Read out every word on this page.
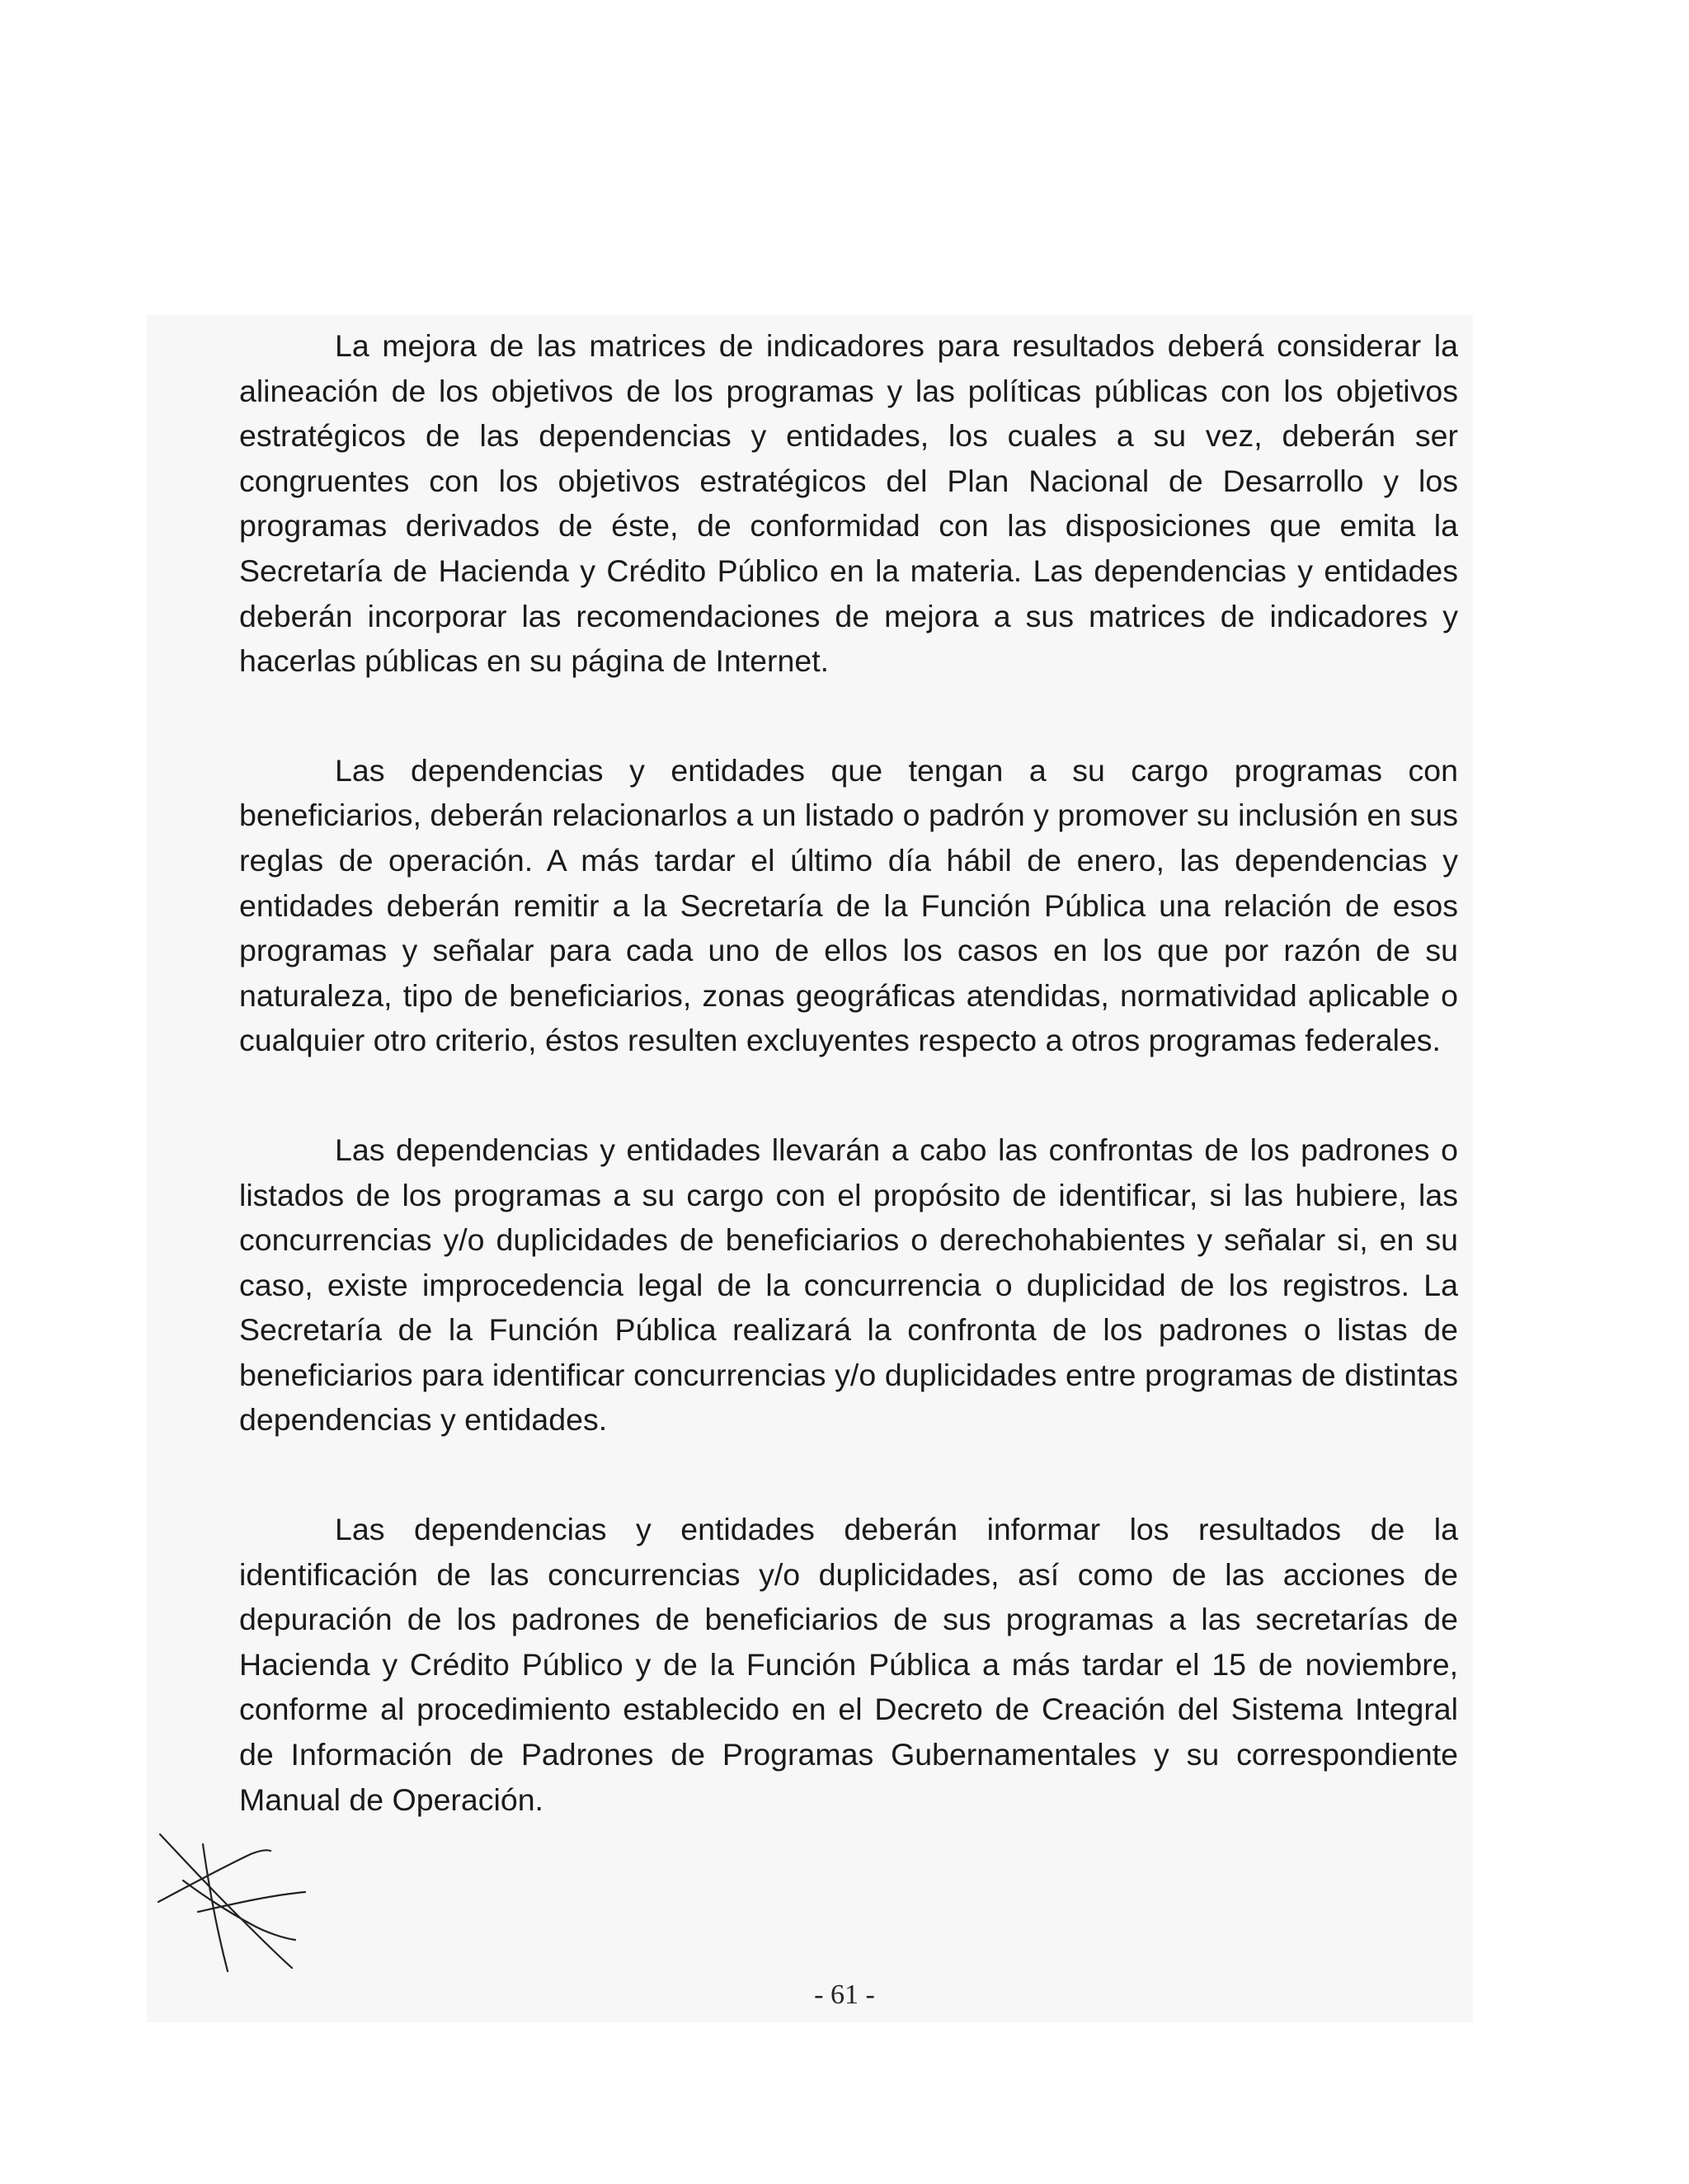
La mejora de las matrices de indicadores para resultados deberá considerar la alineación de los objetivos de los programas y las políticas públicas con los objetivos estratégicos de las dependencias y entidades, los cuales a su vez, deberán ser congruentes con los objetivos estratégicos del Plan Nacional de Desarrollo y los programas derivados de éste, de conformidad con las disposiciones que emita la Secretaría de Hacienda y Crédito Público en la materia. Las dependencias y entidades deberán incorporar las recomendaciones de mejora a sus matrices de indicadores y hacerlas públicas en su página de Internet.

Las dependencias y entidades que tengan a su cargo programas con beneficiarios, deberán relacionarlos a un listado o padrón y promover su inclusión en sus reglas de operación. A más tardar el último día hábil de enero, las dependencias y entidades deberán remitir a la Secretaría de la Función Pública una relación de esos programas y señalar para cada uno de ellos los casos en los que por razón de su naturaleza, tipo de beneficiarios, zonas geográficas atendidas, normatividad aplicable o cualquier otro criterio, éstos resulten excluyentes respecto a otros programas federales.

Las dependencias y entidades llevarán a cabo las confrontas de los padrones o listados de los programas a su cargo con el propósito de identificar, si las hubiere, las concurrencias y/o duplicidades de beneficiarios o derechohabientes y señalar si, en su caso, existe improcedencia legal de la concurrencia o duplicidad de los registros. La Secretaría de la Función Pública realizará la confronta de los padrones o listas de beneficiarios para identificar concurrencias y/o duplicidades entre programas de distintas dependencias y entidades.

Las dependencias y entidades deberán informar los resultados de la identificación de las concurrencias y/o duplicidades, así como de las acciones de depuración de los padrones de beneficiarios de sus programas a las secretarías de Hacienda y Crédito Público y de la Función Pública a más tardar el 15 de noviembre, conforme al procedimiento establecido en el Decreto de Creación del Sistema Integral de Información de Padrones de Programas Gubernamentales y su correspondiente Manual de Operación.

- 61 -
